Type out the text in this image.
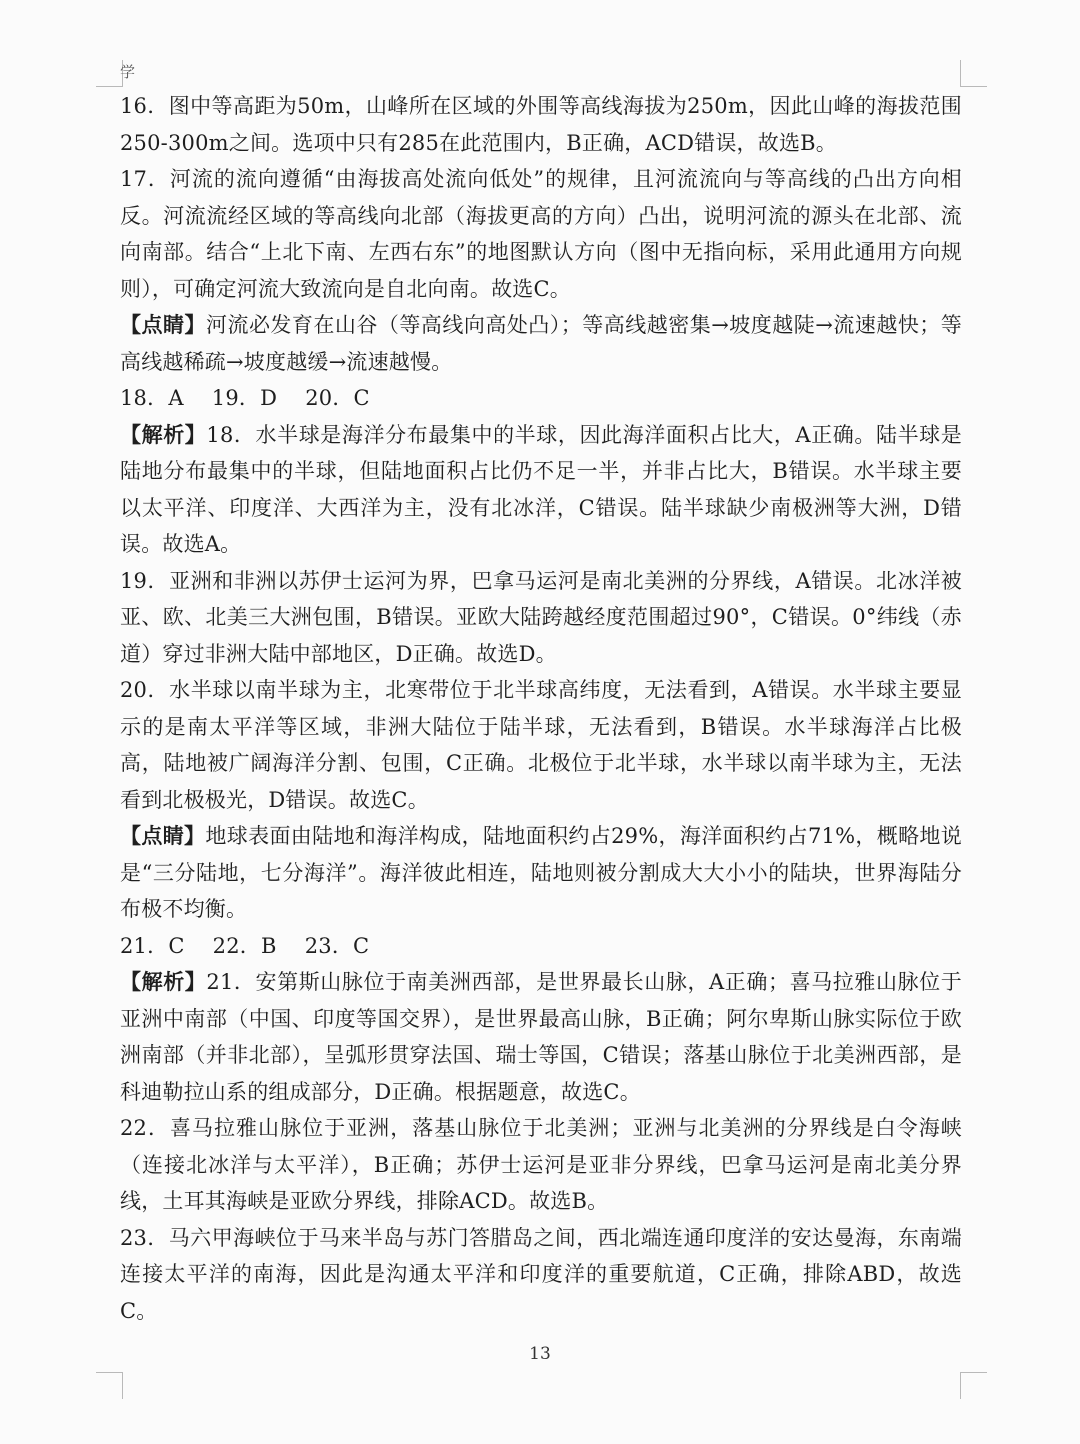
学

16．图中等高距为50m，山峰所在区域的外围等高线海拔为250m，因此山峰的海拔范围250-300m之间。选项中只有285在此范围内，B正确，ACD错误，故选B。

17．河流的流向遵循“由海拔高处流向低处”的规律，且河流流向与等高线的凸出方向相反。河流流经区域的等高线向北部（海拔更高的方向）凸出，说明河流的源头在北部、流向南部。结合“上北下南、左西右东”的地图默认方向（图中无指向标，采用此通用方向规则），可确定河流大致流向是自北向南。故选C。

【点睛】河流必发育在山谷（等高线向高处凸）；等高线越密集→坡度越陡→流速越快；等高线越稀疏→坡度越缓→流速越慢。

18．A　 19．D　 20．C

【解析】18．水半球是海洋分布最集中的半球，因此海洋面积占比大，A正确。陆半球是陆地分布最集中的半球，但陆地面积占比仍不足一半，并非占比大，B错误。水半球主要以太平洋、印度洋、大西洋为主，没有北冰洋，C错误。陆半球缺少南极洲等大洲，D错误。故选A。

19．亚洲和非洲以苏伊士运河为界，巴拿马运河是南北美洲的分界线，A错误。北冰洋被亚、欧、北美三大洲包围，B错误。亚欧大陆跨越经度范围超过90°，C错误。0°纬线（赤道）穿过非洲大陆中部地区，D正确。故选D。

20．水半球以南半球为主，北寒带位于北半球高纬度，无法看到，A错误。水半球主要显示的是南太平洋等区域，非洲大陆位于陆半球，无法看到，B错误。水半球海洋占比极高，陆地被广阔海洋分割、包围，C正确。北极位于北半球，水半球以南半球为主，无法看到北极极光，D错误。故选C。

【点睛】地球表面由陆地和海洋构成，陆地面积约占29%，海洋面积约占71%，概略地说是“三分陆地，七分海洋”。海洋彼此相连，陆地则被分割成大大小小的陆块，世界海陆分布极不均衡。

21．C　 22．B　 23．C

【解析】21．安第斯山脉位于南美洲西部，是世界最长山脉，A正确；喜马拉雅山脉位于亚洲中南部（中国、印度等国交界），是世界最高山脉，B正确；阿尔卑斯山脉实际位于欧洲南部（并非北部），呈弧形贯穿法国、瑞士等国，C错误；落基山脉位于北美洲西部，是科迪勒拉山系的组成部分，D正确。根据题意，故选C。

22．喜马拉雅山脉位于亚洲，落基山脉位于北美洲；亚洲与北美洲的分界线是白令海峡（连接北冰洋与太平洋），B正确；苏伊士运河是亚非分界线，巴拿马运河是南北美分界线，土耳其海峡是亚欧分界线，排除ACD。故选B。

23．马六甲海峡位于马来半岛与苏门答腊岛之间，西北端连通印度洋的安达曼海，东南端连接太平洋的南海，因此是沟通太平洋和印度洋的重要航道，C正确，排除ABD，故选C。

13
